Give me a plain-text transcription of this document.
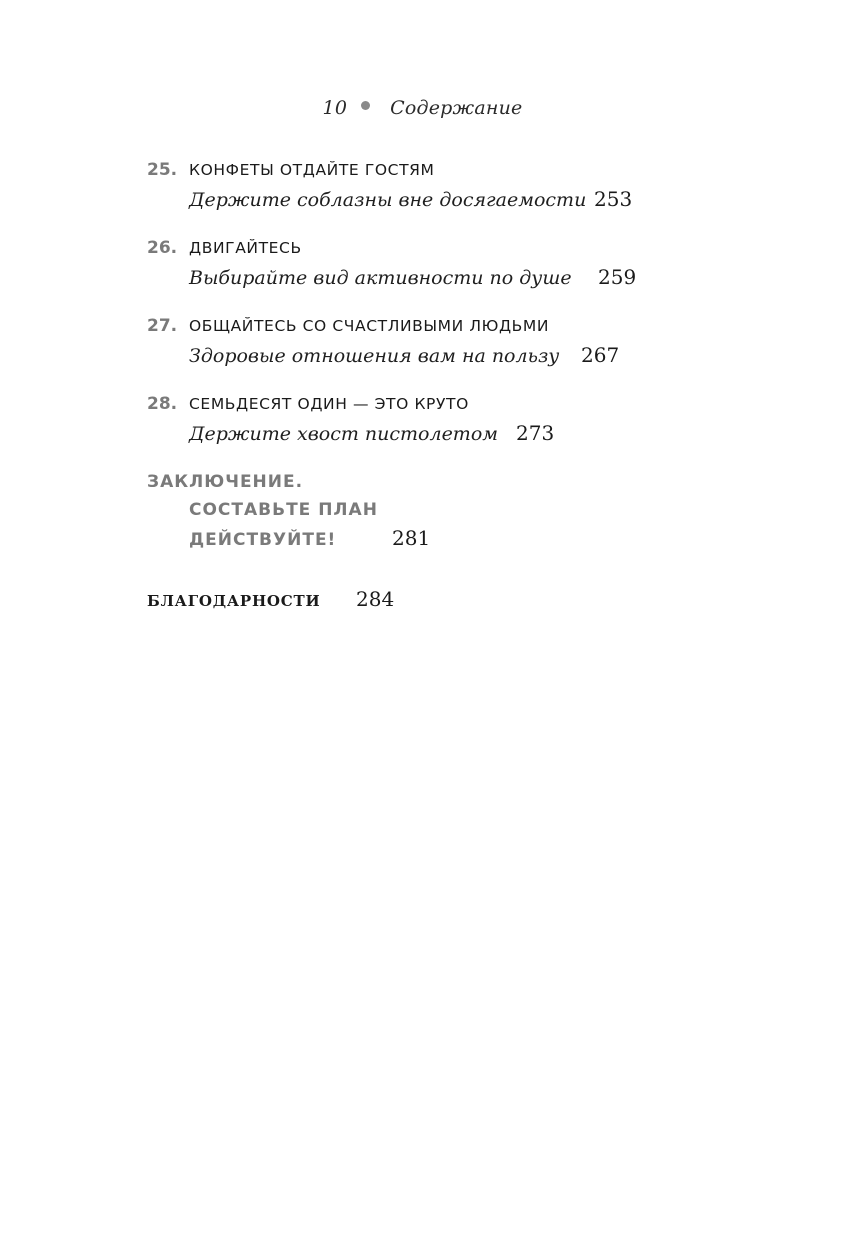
10 Содержание
25. КОНФЕТЫ ОТДАЙТЕ ГОСТЯМ
Держите соблазны вне досягаемости 253
26. ДВИГАЙТЕСЬ
Выбирайте вид активности по душе 259
27. ОБЩАЙТЕСЬ СО СЧАСТЛИВЫМИ ЛЮДЬМИ
Здоровые отношения вам на пользу 267
28. СЕМЬДЕСЯТ ОДИН — ЭТО КРУТО
Держите хвост пистолетом 273
ЗАКЛЮЧЕНИЕ.
СОСТАВЬТЕ ПЛАН
ДЕЙСТВУЙТЕ!	281
БЛАГОДАРНОСТИ 284
